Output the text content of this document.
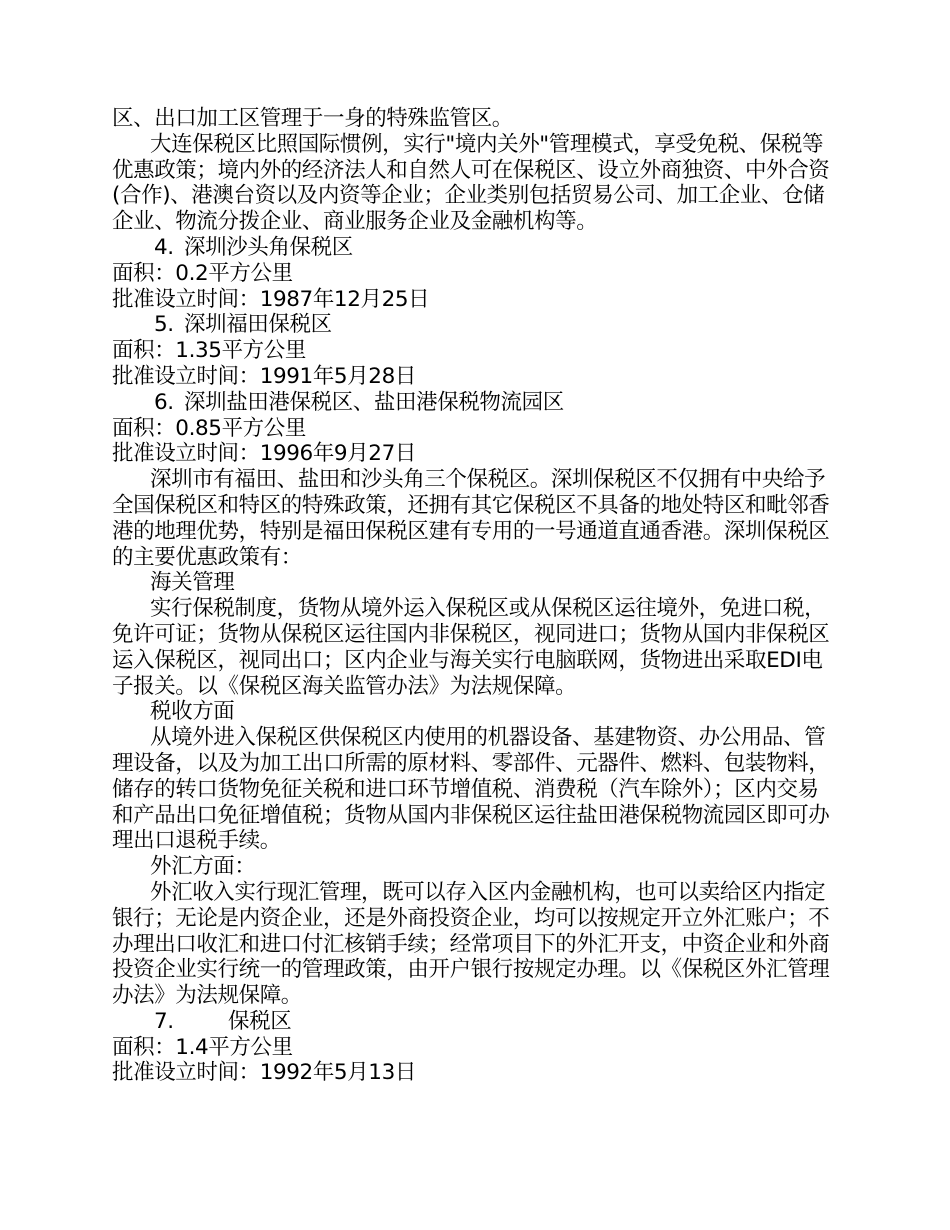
区、出口加工区管理于一身的特殊监管区。
大连保税区比照国际惯例，实行"境内关外"管理模式，享受免税、保税等优惠政策；境内外的经济法人和自然人可在保税区、设立外商独资、中外合资(合作)、港澳台资以及内资等企业；企业类别包括贸易公司、加工企业、仓储企业、物流分拨企业、商业服务企业及金融机构等。
4. 深圳沙头角保税区
面积：0.2平方公里
批准设立时间：1987年12月25日
5. 深圳福田保税区
面积：1.35平方公里
批准设立时间：1991年5月28日
6. 深圳盐田港保税区、盐田港保税物流园区
面积：0.85平方公里
批准设立时间：1996年9月27日
深圳市有福田、盐田和沙头角三个保税区。深圳保税区不仅拥有中央给予全国保税区和特区的特殊政策，还拥有其它保税区不具备的地处特区和毗邻香港的地理优势，特别是福田保税区建有专用的一号通道直通香港。深圳保税区的主要优惠政策有：
海关管理
实行保税制度，货物从境外运入保税区或从保税区运往境外，免进口税，免许可证；货物从保税区运往国内非保税区，视同进口；货物从国内非保税区运入保税区，视同出口；区内企业与海关实行电脑联网，货物进出采取EDI电子报关。以《保税区海关监管办法》为法规保障。
税收方面
从境外进入保税区供保税区内使用的机器设备、基建物资、办公用品、管理设备，以及为加工出口所需的原材料、零部件、元器件、燃料、包装物料，储存的转口货物免征关税和进口环节增值税、消费税（汽车除外）；区内交易和产品出口免征增值税；货物从国内非保税区运往盐田港保税物流园区即可办理出口退税手续。
外汇方面：
外汇收入实行现汇管理，既可以存入区内金融机构，也可以卖给区内指定银行；无论是内资企业，还是外商投资企业，均可以按规定开立外汇账户；不办理出口收汇和进口付汇核销手续；经常项目下的外汇开支，中资企业和外商投资企业实行统一的管理政策，由开户银行按规定办理。以《保税区外汇管理办法》为法规保障。
7.	保税区
面积：1.4平方公里
批准设立时间：1992年5月13日
